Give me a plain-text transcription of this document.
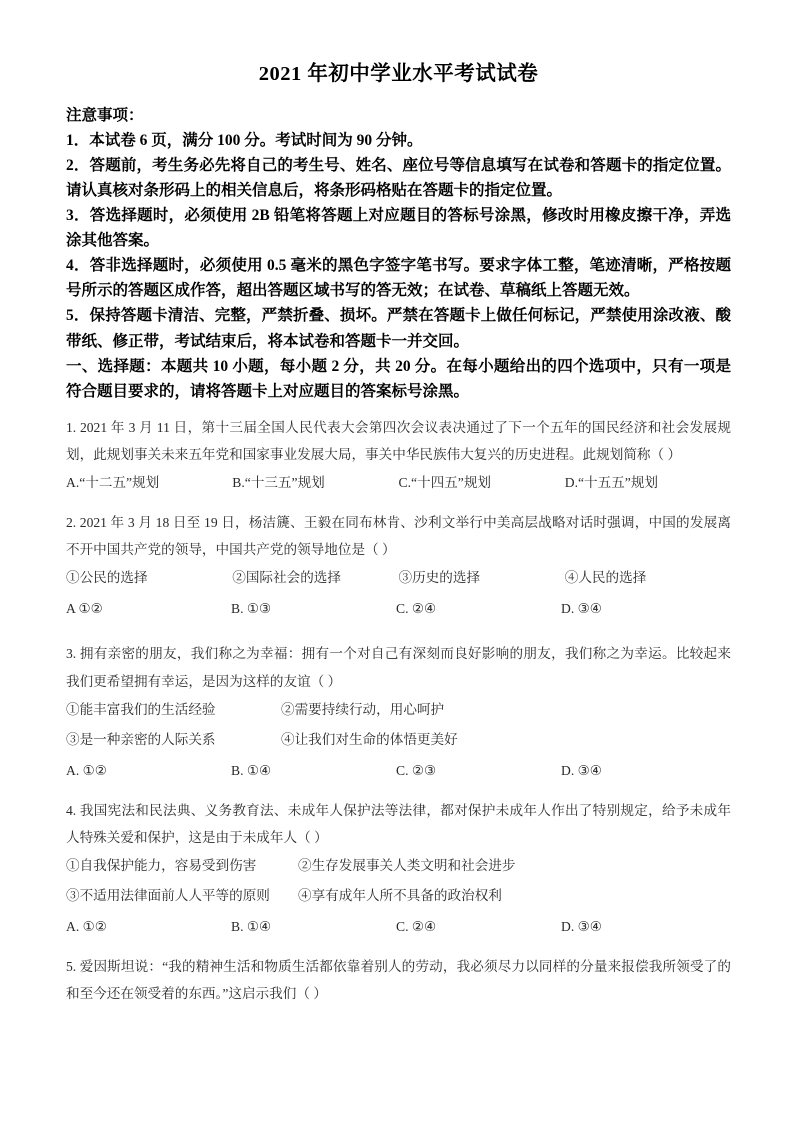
2021 年初中学业水平考试试卷

注意事项：

1．本试卷 6 页，满分 100 分。考试时间为 90 分钟。

2．答题前，考生务必先将自己的考生号、姓名、座位号等信息填写在试卷和答题卡的指定位置。请认真核对条形码上的相关信息后，将条形码格贴在答题卡的指定位置。

3．答选择题时，必须使用 2B 铅笔将答题上对应题目的答标号涂黑，修改时用橡皮擦干净，弄选涂其他答案。

4．答非选择题时，必须使用 0.5 毫米的黑色字签字笔书写。要求字体工整，笔迹清晰，严格按题号所示的答题区成作答，超出答题区域书写的答无效；在试卷、草稿纸上答题无效。

5．保持答题卡清洁、完整，严禁折叠、损坏。严禁在答题卡上做任何标记，严禁使用涂改液、酸带纸、修正带，考试结束后，将本试卷和答题卡一并交回。

一、选择题：本题共 10 小题，每小题 2 分，共 20 分。在每小题给出的四个选项中，只有一项是符合题目要求的，请将答题卡上对应题目的答案标号涂黑。

1. 2021 年 3 月 11 日，第十三届全国人民代表大会第四次会议表决通过了下一个五年的国民经济和社会发展规划，此规划事关未来五年党和国家事业发展大局，事关中华民族伟大复兴的历史进程。此规划简称（ ）

A.“十二五”规划	B.“十三五”规划	C.“十四五”规划	D.“十五五”规划

2. 2021 年 3 月 18 日至 19 日，杨洁篪、王毅在同布林肯、沙利文举行中美高层战略对话时强调，中国的发展离不开中国共产党的领导，中国共产党的领导地位是（ ）

①公民的选择	②国际社会的选择	③历史的选择	④人民的选择
A ①②	B. ①③	C. ②④	D. ③④

3. 拥有亲密的朋友，我们称之为幸福：拥有一个对自己有深刻而良好影响的朋友，我们称之为幸运。比较起来我们更希望拥有幸运，是因为这样的友谊（ ）

①能丰富我们的生活经验	②需要持续行动，用心呵护
③是一种亲密的人际关系	④让我们对生命的体悟更美好
A. ①②	B. ①④	C. ②③	D. ③④

4. 我国宪法和民法典、义务教育法、未成年人保护法等法律，都对保护未成年人作出了特别规定，给予未成年人特殊关爱和保护，这是由于未成年人（ ）

①自我保护能力，容易受到伤害	②生存发展事关人类文明和社会进步
③不适用法律面前人人平等的原则	④享有成年人所不具备的政治权利
A. ①②	B. ①④	C. ②④	D. ③④

5. 爱因斯坦说：“我的精神生活和物质生活都依靠着别人的劳动，我必须尽力以同样的分量来报偿我所领受了的和至今还在领受着的东西。”这启示我们（ ）
